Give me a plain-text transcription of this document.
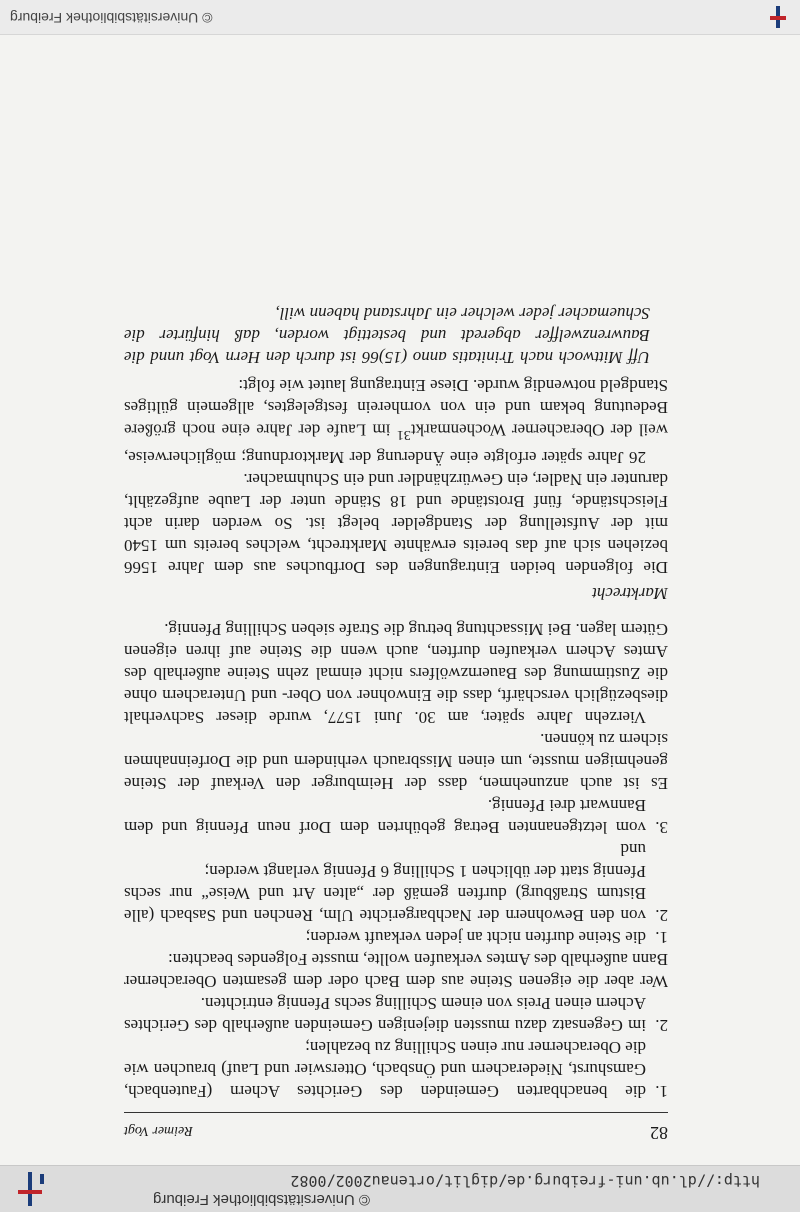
http://dl.ub.uni-freiburg.de/diglit/ortenau2002/0082
© Universitätsbibliothek Freiburg
82
Reimer Vogt
1.
die benachbarten Gemeinden des Gerichtes Achern (Fautenbach, Gamshurst, Niederachern und Önsbach, Otterswier und Lauf) brauchen wie die Oberacherner nur einen Schilling zu bezahlen;
2.
im Gegensatz dazu mussten diejenigen Gemeinden außerhalb des Gerichtes Achern einen Preis von einem Schilling sechs Pfennig entrichten.

Wer aber die eigenen Steine aus dem Bach oder dem gesamten Oberacherner Bann außerhalb des Amtes verkaufen wollte, musste Folgendes beachten:

1.
die Steine durften nicht an jeden verkauft werden;
2.
von den Bewohnern der Nachbargerichte Ulm, Renchen und Sasbach (alle Bistum Straßburg) durften gemäß der „alten Art und Weise“ nur sechs Pfennig statt der üblichen 1 Schilling 6 Pfennig verlangt werden;

und

3.
vom letztgenannten Betrag gebührten dem Dorf neun Pfennig und dem Bannwart drei Pfennig.

Es ist auch anzunehmen, dass der Heimburger den Verkauf der Steine genehmigen musste, um einen Missbrauch verhindern und die Dorfeinnahmen sichern zu können.

Vierzehn Jahre später, am 30. Juni 1577, wurde dieser Sachverhalt diesbezüglich verschärft, dass die Einwohner von Ober- und Unterachern ohne die Zustimmung des Bauernzwölfers nicht einmal zehn Steine außerhalb des Amtes Achern verkaufen durften, auch wenn die Steine auf ihren eigenen Gütern lagen. Bei Missachtung betrug die Strafe sieben Schilling Pfennig.

Marktrecht

Die folgenden beiden Eintragungen des Dorfbuches aus dem Jahre 1566 beziehen sich auf das bereits erwähnte Marktrecht, welches bereits um 1540 mit der Aufstellung der Standgelder belegt ist. So werden darin acht Fleischstände, fünf Brotstände und 18 Stände unter der Laube aufgezählt, darunter ein Nadler, ein Gewürzhändler und ein Schuhmacher.

26 Jahre später erfolgte eine Änderung der Marktordnung; möglicherweise, weil der Oberacherner Wochenmarkt$^{31}$ im Laufe der Jahre eine noch größere Bedeutung bekam und ein von vornherein festgelegtes, allgemein gültiges Standgeld notwendig wurde. Diese Eintragung lautet wie folgt:

Uff Mittwoch nach Trinitatis anno (15)66 ist durch den Hern Vogt unnd die Bauwrenzwelffer abgeredt und bestettigt worden, daß hinfürter die Schuemacher jeder welcher ein Jahrstand habenn will,

© Universitätsbibliothek Freiburg
